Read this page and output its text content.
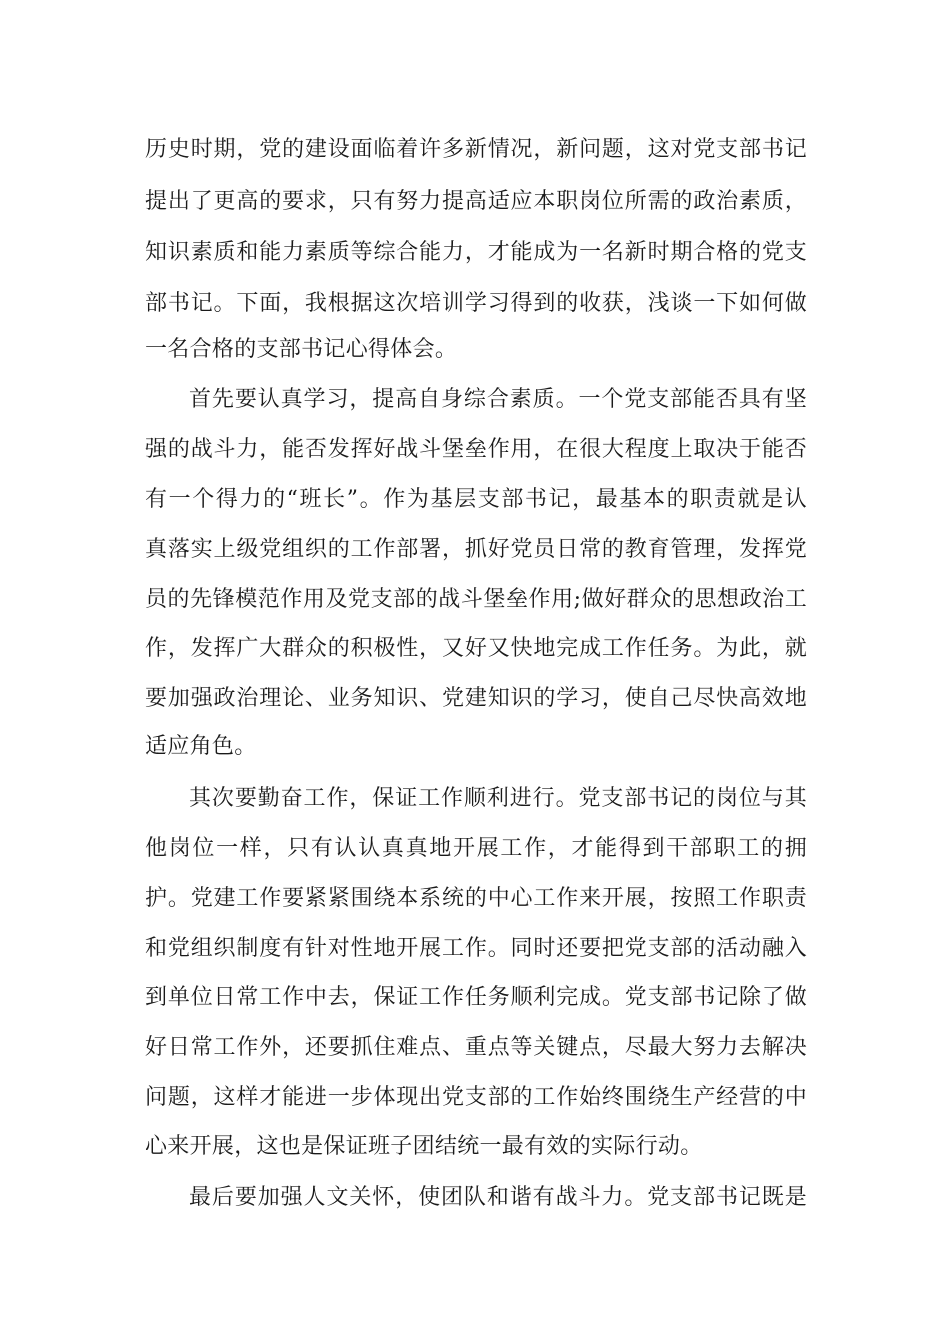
历史时期，党的建设面临着许多新情况，新问题，这对党支部书记
提出了更高的要求，只有努力提高适应本职岗位所需的政治素质，
知识素质和能力素质等综合能力，才能成为一名新时期合格的党支
部书记。下面，我根据这次培训学习得到的收获，浅谈一下如何做
一名合格的支部书记心得体会。
首先要认真学习，提高自身综合素质。一个党支部能否具有坚
强的战斗力，能否发挥好战斗堡垒作用，在很大程度上取决于能否
有一个得力的“班长”。作为基层支部书记，最基本的职责就是认
真落实上级党组织的工作部署，抓好党员日常的教育管理，发挥党
员的先锋模范作用及党支部的战斗堡垒作用;做好群众的思想政治工
作，发挥广大群众的积极性，又好又快地完成工作任务。为此，就
要加强政治理论、业务知识、党建知识的学习，使自己尽快高效地
适应角色。
其次要勤奋工作，保证工作顺利进行。党支部书记的岗位与其
他岗位一样，只有认认真真地开展工作，才能得到干部职工的拥
护。党建工作要紧紧围绕本系统的中心工作来开展，按照工作职责
和党组织制度有针对性地开展工作。同时还要把党支部的活动融入
到单位日常工作中去，保证工作任务顺利完成。党支部书记除了做
好日常工作外，还要抓住难点、重点等关键点，尽最大努力去解决
问题，这样才能进一步体现出党支部的工作始终围绕生产经营的中
心来开展，这也是保证班子团结统一最有效的实际行动。
最后要加强人文关怀，使团队和谐有战斗力。党支部书记既是
